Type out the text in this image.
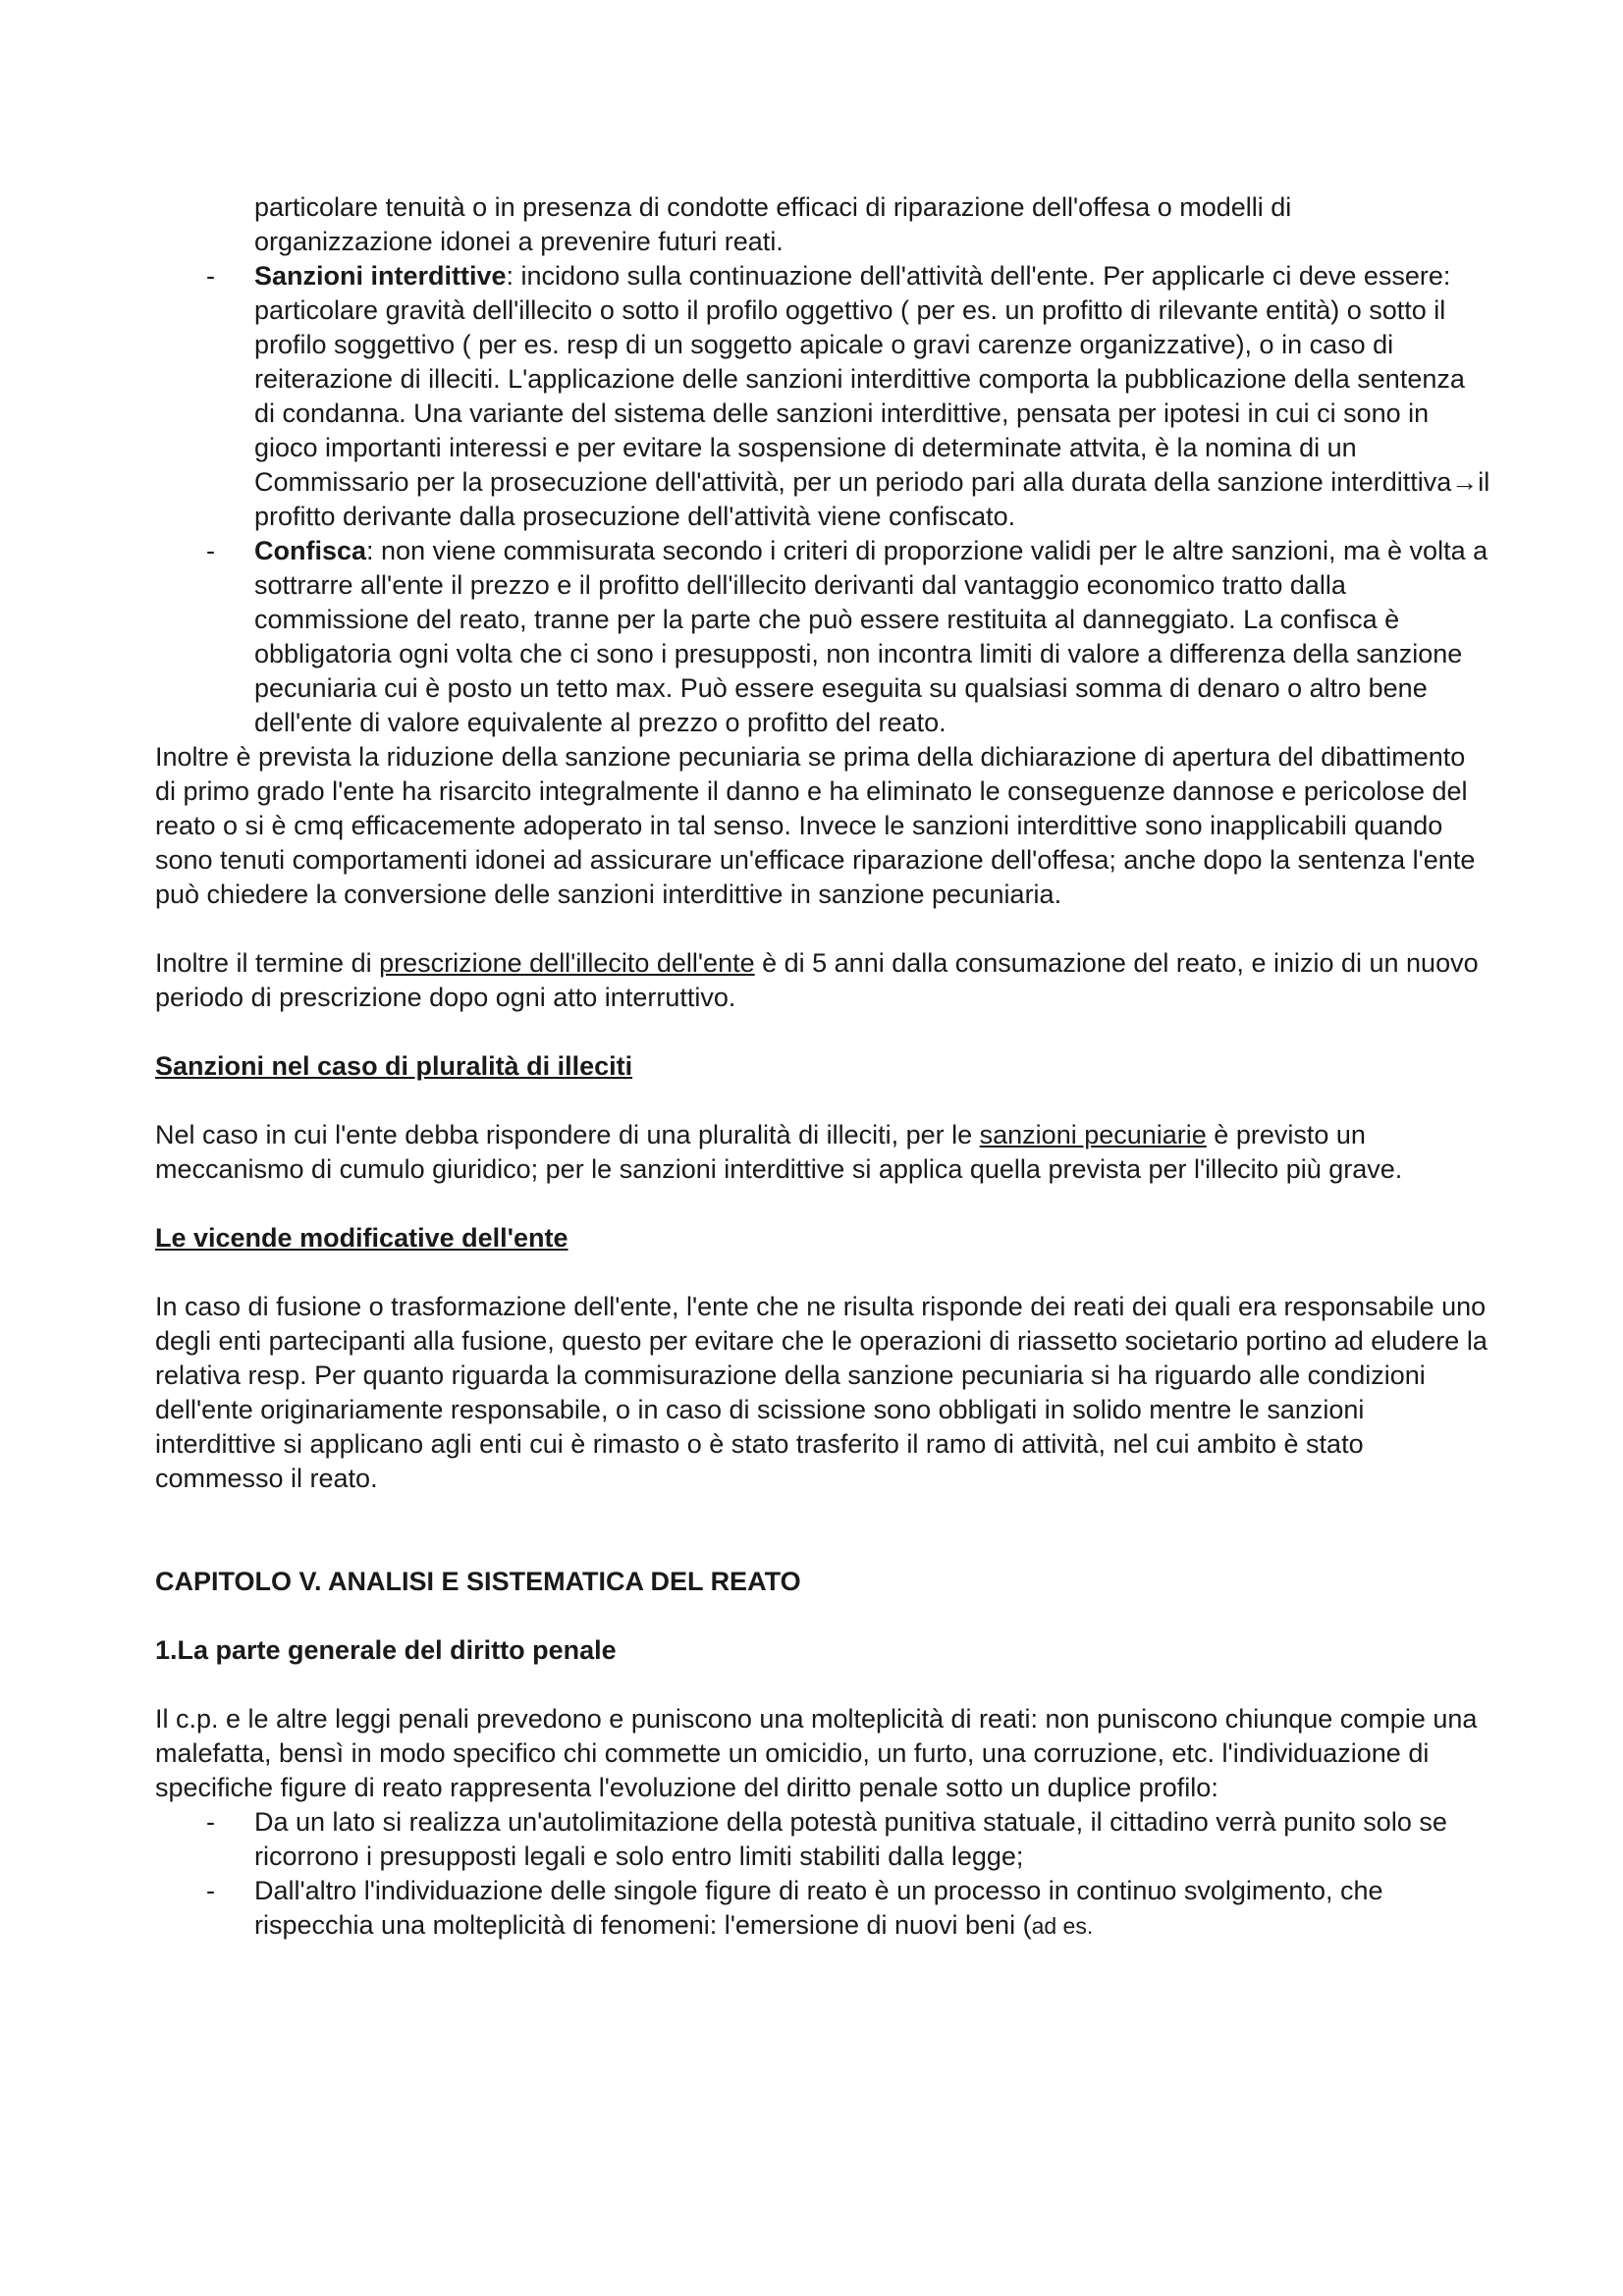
particolare tenuità o in presenza di condotte efficaci di riparazione dell'offesa o modelli di

organizzazione idonei a prevenire futuri reati.

- Sanzioni interdittive: incidono sulla continuazione dell'attività dell'ente. Per applicarle ci deve essere: particolare gravità dell'illecito o sotto il profilo oggettivo ( per es. un profitto di rilevante entità) o sotto il profilo soggettivo ( per es. resp di un soggetto apicale o gravi carenze organizzative), o in caso di reiterazione di illeciti. L'applicazione delle sanzioni interdittive comporta la pubblicazione della sentenza di condanna. Una variante del sistema delle sanzioni interdittive, pensata per ipotesi in cui ci sono in gioco importanti interessi e per evitare la sospensione di determinate attvita, è la nomina di un Commissario per la prosecuzione dell'attività, per un periodo pari alla durata della sanzione interdittiva→il profitto derivante dalla prosecuzione dell'attività viene confiscato.

- Confisca: non viene commisurata secondo i criteri di proporzione validi per le altre sanzioni, ma è volta a sottrarre all'ente il prezzo e il profitto dell'illecito derivanti dal vantaggio economico tratto dalla commissione del reato, tranne per la parte che può essere restituita al danneggiato. La confisca è obbligatoria ogni volta che ci sono i presupposti, non incontra limiti di valore a differenza della sanzione pecuniaria cui è posto un tetto max. Può essere eseguita su qualsiasi somma di denaro o altro bene dell'ente di valore equivalente al prezzo o profitto del reato.

Inoltre è prevista la riduzione della sanzione pecuniaria se prima della dichiarazione di apertura del dibattimento di primo grado l'ente ha risarcito integralmente il danno e ha eliminato le conseguenze dannose e pericolose del reato o si è cmq efficacemente adoperato in tal senso. Invece le sanzioni interdittive sono inapplicabili quando sono tenuti comportamenti idonei ad assicurare un'efficace riparazione dell'offesa; anche dopo la sentenza l'ente può chiedere la conversione delle sanzioni interdittive in sanzione pecuniaria.

Inoltre il termine di prescrizione dell'illecito dell'ente è di 5 anni dalla consumazione del reato, e inizio di un nuovo periodo di prescrizione dopo ogni atto interruttivo.

Sanzioni nel caso di pluralità di illeciti

Nel caso in cui l'ente debba rispondere di una pluralità di illeciti, per le sanzioni pecuniarie è previsto un meccanismo di cumulo giuridico; per le sanzioni interdittive si applica quella prevista per l'illecito più grave.

Le vicende modificative dell'ente

In caso di fusione o trasformazione dell'ente, l'ente che ne risulta risponde dei reati dei quali era responsabile uno degli enti partecipanti alla fusione, questo per evitare che le operazioni di riassetto societario portino ad eludere la relativa resp. Per quanto riguarda la commisurazione della sanzione pecuniaria si ha riguardo alle condizioni dell'ente originariamente responsabile, o in caso di scissione sono obbligati in solido mentre le sanzioni interdittive si applicano agli enti cui è rimasto o è stato trasferito il ramo di attività, nel cui ambito è stato commesso il reato.

CAPITOLO V. ANALISI E SISTEMATICA DEL REATO

1.La parte generale del diritto penale

Il c.p. e le altre leggi penali prevedono e puniscono una molteplicità di reati: non puniscono chiunque compie una malefatta, bensì in modo specifico chi commette un omicidio, un furto, una corruzione, etc. l'individuazione di specifiche figure di reato rappresenta l'evoluzione del diritto penale sotto un duplice profilo:

- Da un lato si realizza un'autolimitazione della potestà punitiva statuale, il cittadino verrà punito solo se ricorrono i presupposti legali e solo entro limiti stabiliti dalla legge;

- Dall'altro l'individuazione delle singole figure di reato è un processo in continuo svolgimento, che rispecchia una molteplicità di fenomeni: l'emersione di nuovi beni (ad es.
